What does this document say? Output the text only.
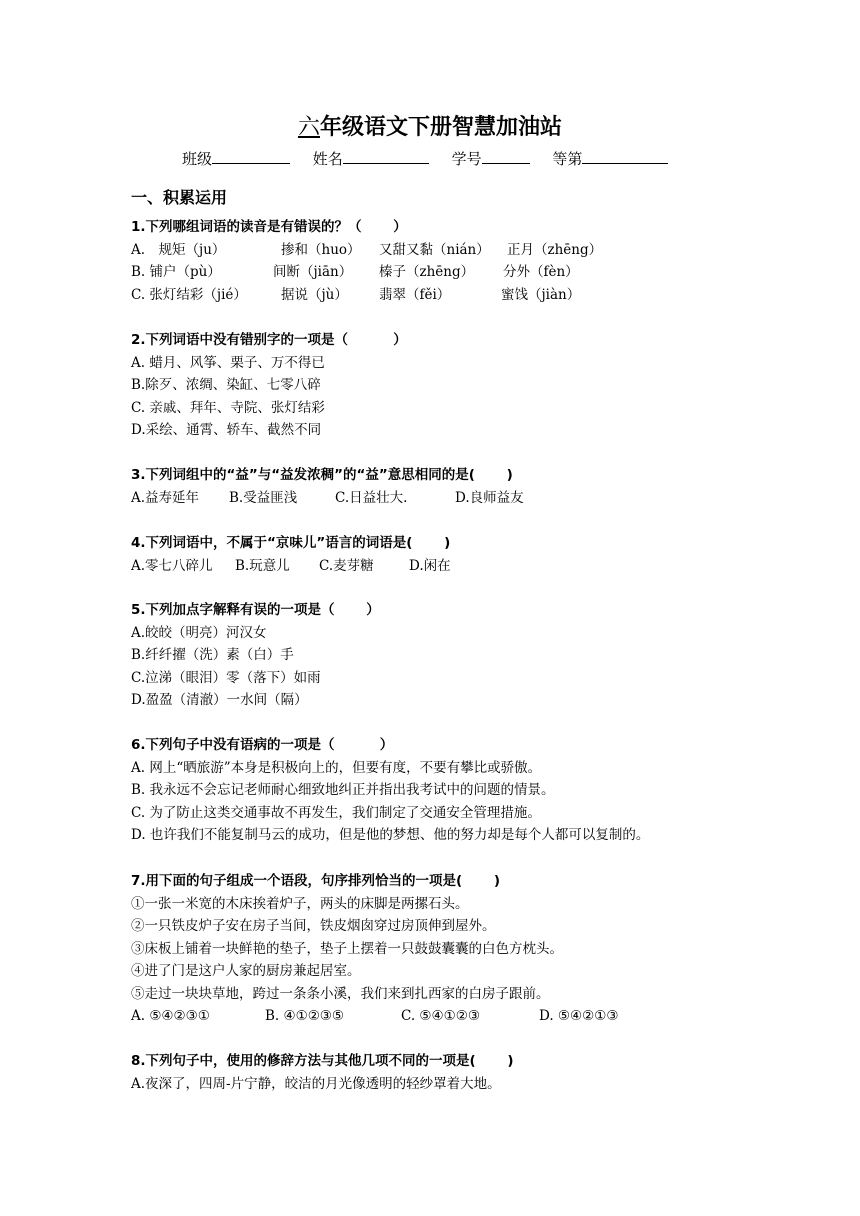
六年级语文下册智慧加油站
班级	姓名	学号	等第
一、积累运用
1.下列哪组词语的读音是有错误的？（　　 ）
A.　规矩（ju）	掺和（huo） 又甜又黏（nián） 正月（zhēng）
B. 铺户（pù）	间断（jiān） 榛子（zhēng） 分外（fèn）
C. 张灯结彩（jié）	据说（jù） 翡翠（fěi）	蜜饯（jiàn）
2.下列词语中没有错别字的一项是（　　　 ）
A. 蜡月、风筝、栗子、万不得已
B.除歹、浓绸、染缸、七零八碎
C. 亲戚、拜年、寺院、张灯结彩
D.采绘、通霄、轿车、截然不同
3.下列词组中的“益”与“益发浓稠”的“益”意思相同的是(　　 )
A.益寿延年 B.受益匪浅	C.日益壮大.	D.良师益友
4.下列词语中，不属于“京味儿”语言的词语是(　　 )
A.零七八碎儿 B.玩意儿 C.麦芽糖	D.闲在
5.下列加点字解释有误的一项是（　　 ）
A.皎皎（明亮）河汉女
B.纤纤擢（洗）素（白）手
C.泣涕（眼泪）零（落下）如雨
D.盈盈（清澈）一水间（隔）
6.下列句子中没有语病的一项是（　　　 ）
A. 网上“晒旅游”本身是积极向上的，但要有度，不要有攀比或骄傲。
B. 我永远不会忘记老师耐心细致地纠正并指出我考试中的问题的情景。
C. 为了防止这类交通事故不再发生，我们制定了交通安全管理措施。
D. 也许我们不能复制马云的成功，但是他的梦想、他的努力却是每个人都可以复制的。
7.用下面的句子组成一个语段，句序排列恰当的一项是(　　 )
①一张一米宽的木床挨着炉子，两头的床脚是两摞石头。
②一只铁皮炉子安在房子当间，铁皮烟囱穿过房顶伸到屋外。
③床板上铺着一块鲜艳的垫子，垫子上摆着一只鼓鼓囊囊的白色方枕头。
④进了门是这户人家的厨房兼起居室。
⑤走过一块块草地，跨过一条条小溪，我们来到扎西家的白房子跟前。
A. ⑤④②③①	B. ④①②③⑤	C. ⑤④①②③	D. ⑤④②①③
8.下列句子中，使用的修辞方法与其他几项不同的一项是(　　 )
A.夜深了，四周-片宁静，皎洁的月光像透明的轻纱罩着大地。
